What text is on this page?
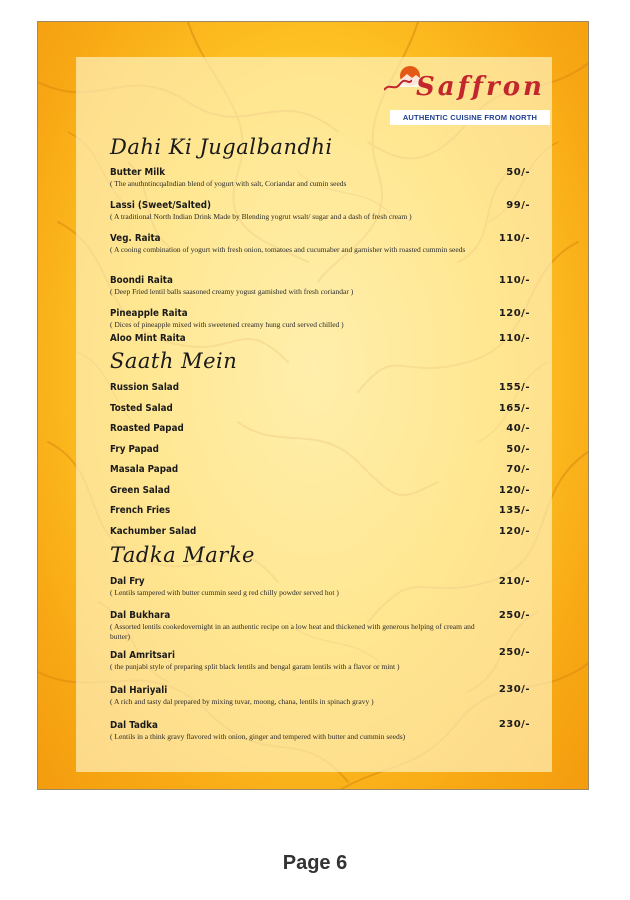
Saffron
AUTHENTIC CUISINE FROM NORTH
Dahi Ki Jugalbandhi
Butter Milk
( The anuthntincqaIndian blend of yogurt with salt, Coriandar and cumin seeds
50/-
Lassi (Sweet/Salted)
( A traditional North Indian Drink Made by Blending yogrut wsalt/ sugar and a dash of fresh cream )
99/-
Veg. Raita
( A cooing combination of yogurt with fresh onion, tomatoes and cucumaber and garnisher with roasted cummin seeds
110/-
Boondi Raita
( Deep Fried lentil balls saasoned creamy yogust gamished with fresh coriandar )
110/-
Pineapple Raita
( Dices of pineapple mixed with sweetened creamy hung curd served chilled )
120/-
Aloo Mint Raita	110/-
Saath Mein
Russion Salad	155/-
Tosted Salad	165/-
Roasted Papad	40/-
Fry Papad	50/-
Masala Papad	70/-
Green Salad	120/-
French Fries	135/-
Kachumber Salad	120/-
Tadka Marke
Dal Fry
( Lentils tampered with butter cummin seed g red chilly powder served hot )
210/-
Dal Bukhara
( Assorted lentils cookedovernight in an authentic recipe on a low heat and thickened with generous helping of cream and butter)
250/-
Dal Amritsari
( the punjabi style of preparing split black lentils and bengal garam lentils with a flavor or mint )
250/-
Dal Hariyali
( A rich and tasty dal prepared by mixing tuvar, moong, chana, lentils in spinach gravy )
230/-
Dal Tadka
( Lentils in a think gravy flavored with onion, ginger and tempered with butter and cummin seeds)
230/-
Page 6
